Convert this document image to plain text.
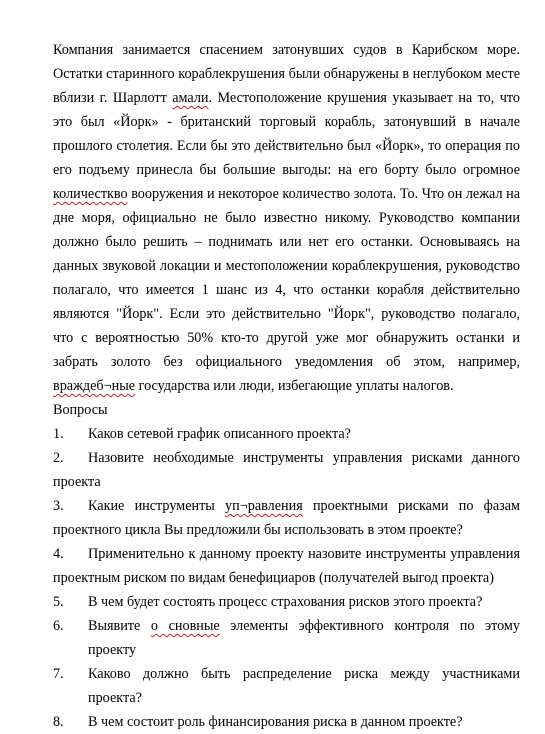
Компания занимается спасением затонувших судов в Карибском море. Остатки старинного кораблекрушения были обнаружены в неглубоком месте вблизи г. Шарлотт амали. Местоположение крушения указывает на то, что это был «Йорк» - британский торговый корабль, затонувший в начале прошлого столетия. Если бы это действительно был «Йорк», то операция по его подъему принесла бы большие выгоды: на его борту было огромное количесткво вооружения и некоторое количество золота. То. Что он лежал на дне моря, официально не было известно никому. Руководство компании должно было решить – поднимать или нет его останки. Основываясь на данных звуковой локации и местоположении кораблекрушения, руководство полагало, что имеется 1 шанс из 4, что останки корабля действительно являются "Йорк". Если это действительно "Йорк", руководство полагало, что с вероятностью 50% кто-то другой уже мог обнаружить останки и забрать золото без официального уведомления об этом, например, враждеб¬ные государства или люди, избегающие уплаты налогов.

Вопросы

1.	Каков сетевой график описанного проекта?

2. Назовите необходимые инструменты управления рисками данного проекта

3. Какие инструменты уп¬равления проектными рисками по фазам проектного цикла Вы предложили бы использовать в этом проекте?

4. Применительно к данному проекту назовите инструменты управления проектным риском по видам бенефициаров (получателей выгод проекта)

5.	В чем будет состоять процесс страхования рисков этого проекта?
6.	Выявите о сновные элементы эффективного контроля по этому проекту
7.	Каково должно быть распределение риска между участниками проекта?
8.	В чем состоит роль финансирования риска в данном проекте?
